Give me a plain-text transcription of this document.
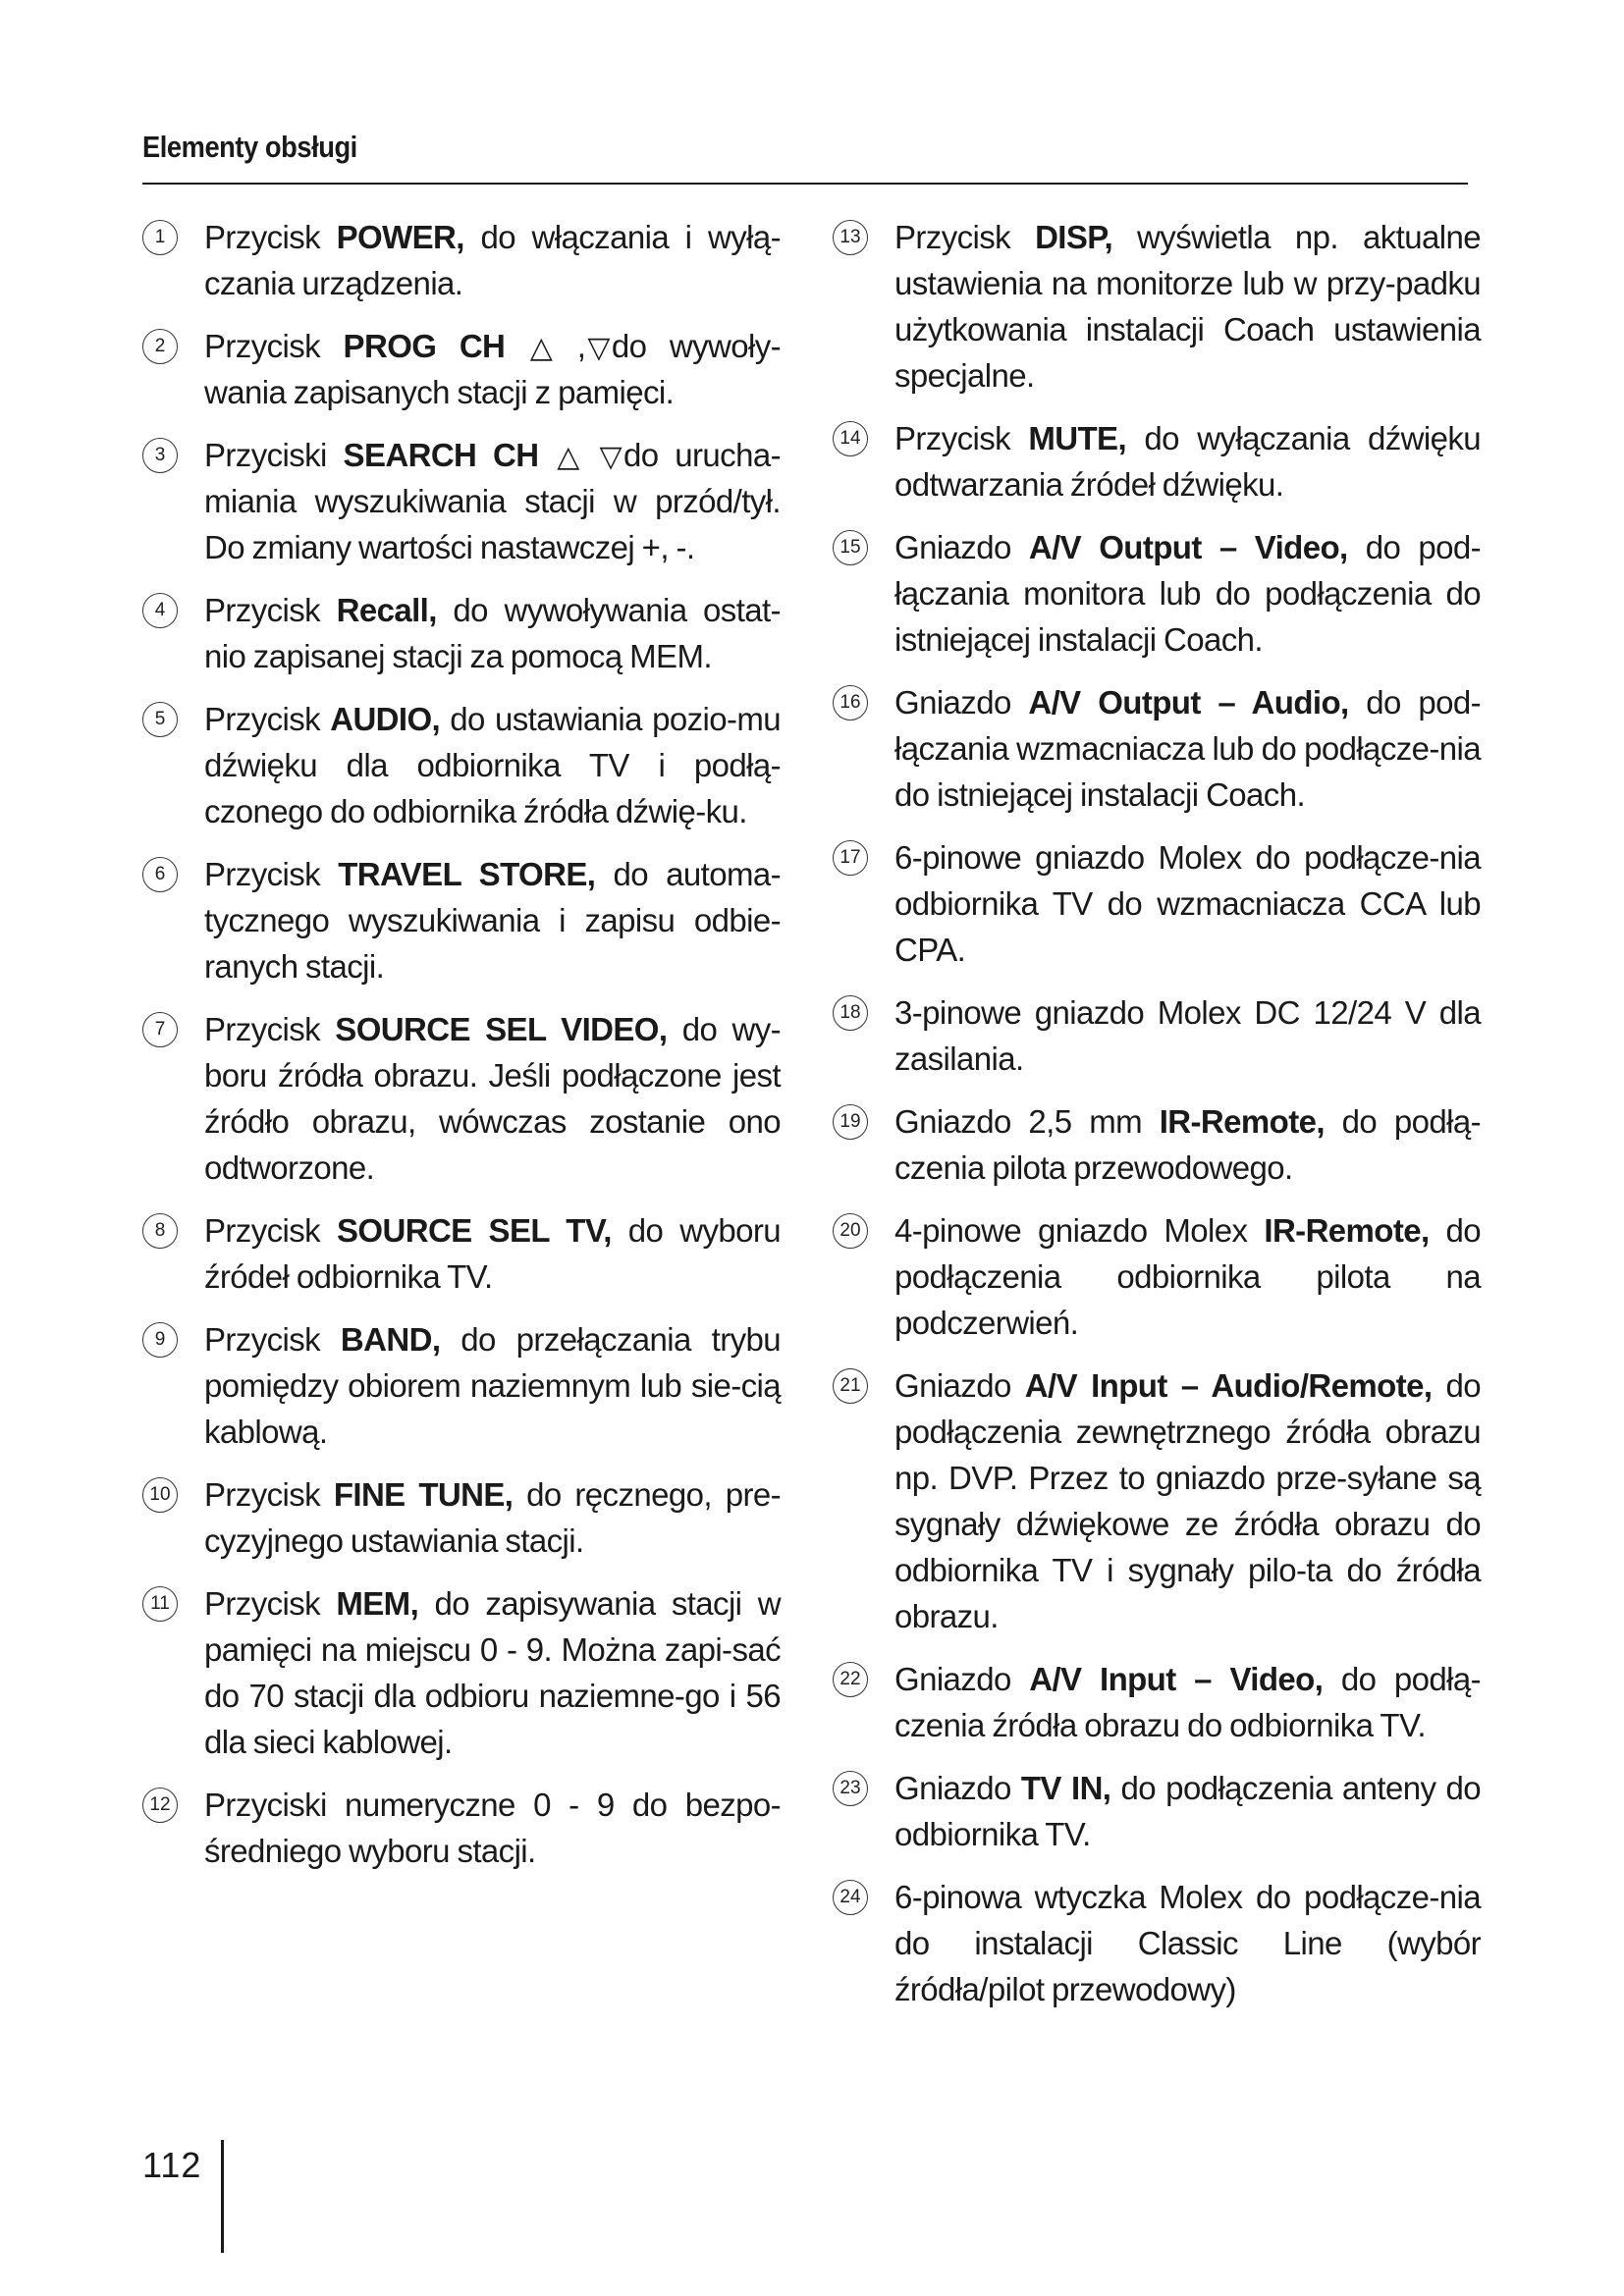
Elementy obsługi
1	Przycisk POWER, do włączania i wyłą-czania urządzenia.
2	Przycisk PROG CH △ ,▽do wywoły-wania zapisanych stacji z pamięci.
3	Przyciski SEARCH CH △ ▽do urucha-miania wyszukiwania stacji w przód/tył. Do zmiany wartości nastawczej +, -.
4	Przycisk Recall, do wywoływania ostat-nio zapisanej stacji za pomocą MEM.
5	Przycisk AUDIO, do ustawiania pozio-mu dźwięku dla odbiornika TV i podłą-czonego do odbiornika źródła dźwię-ku.
6	Przycisk TRAVEL STORE, do automa-tycznego wyszukiwania i zapisu odbie-ranych stacji.
7	Przycisk SOURCE SEL VIDEO, do wy-boru źródła obrazu. Jeśli podłączone jest źródło obrazu, wówczas zostanie ono odtworzone.
8	Przycisk SOURCE SEL TV, do wyboru źródeł odbiornika TV.
9	Przycisk BAND, do przełączania trybu pomiędzy obiorem naziemnym lub sie-cią kablową.
10 Przycisk FINE TUNE, do ręcznego, pre-cyzyjnego ustawiania stacji.
11 Przycisk MEM, do zapisywania stacji w pamięci na miejscu 0 - 9. Można zapi-sać do 70 stacji dla odbioru naziemne-go i 56 dla sieci kablowej.
12 Przyciski numeryczne 0 - 9 do bezpo-średniego wyboru stacji.
13 Przycisk DISP, wyświetla np. aktualne ustawienia na monitorze lub w przy-padku użytkowania instalacji Coach ustawienia specjalne.
14 Przycisk MUTE, do wyłączania dźwięku odtwarzania źródeł dźwięku.
15 Gniazdo A/V Output – Video, do pod-łączania monitora lub do podłączenia do istniejącej instalacji Coach.
16 Gniazdo A/V Output – Audio, do pod-łączania wzmacniacza lub do podłącze-nia do istniejącej instalacji Coach.
17 6-pinowe gniazdo Molex do podłącze-nia odbiornika TV do wzmacniacza CCA lub CPA.
18 3-pinowe gniazdo Molex DC 12/24 V dla zasilania.
19 Gniazdo 2,5 mm IR-Remote, do podłą-czenia pilota przewodowego.
20 4-pinowe gniazdo Molex IR-Remote, do podłączenia odbiornika pilota na podczerwień.
21 Gniazdo A/V Input – Audio/Remote, do podłączenia zewnętrznego źródła obrazu np. DVP. Przez to gniazdo prze-syłane są sygnały dźwiękowe ze źródła obrazu do odbiornika TV i sygnały pilo-ta do źródła obrazu.
22 Gniazdo A/V Input – Video, do podłą-czenia źródła obrazu do odbiornika TV.
23 Gniazdo TV IN, do podłączenia anteny do odbiornika TV.
24 6-pinowa wtyczka Molex do podłącze-nia do instalacji Classic Line (wybór źródła/pilot przewodowy)
112
